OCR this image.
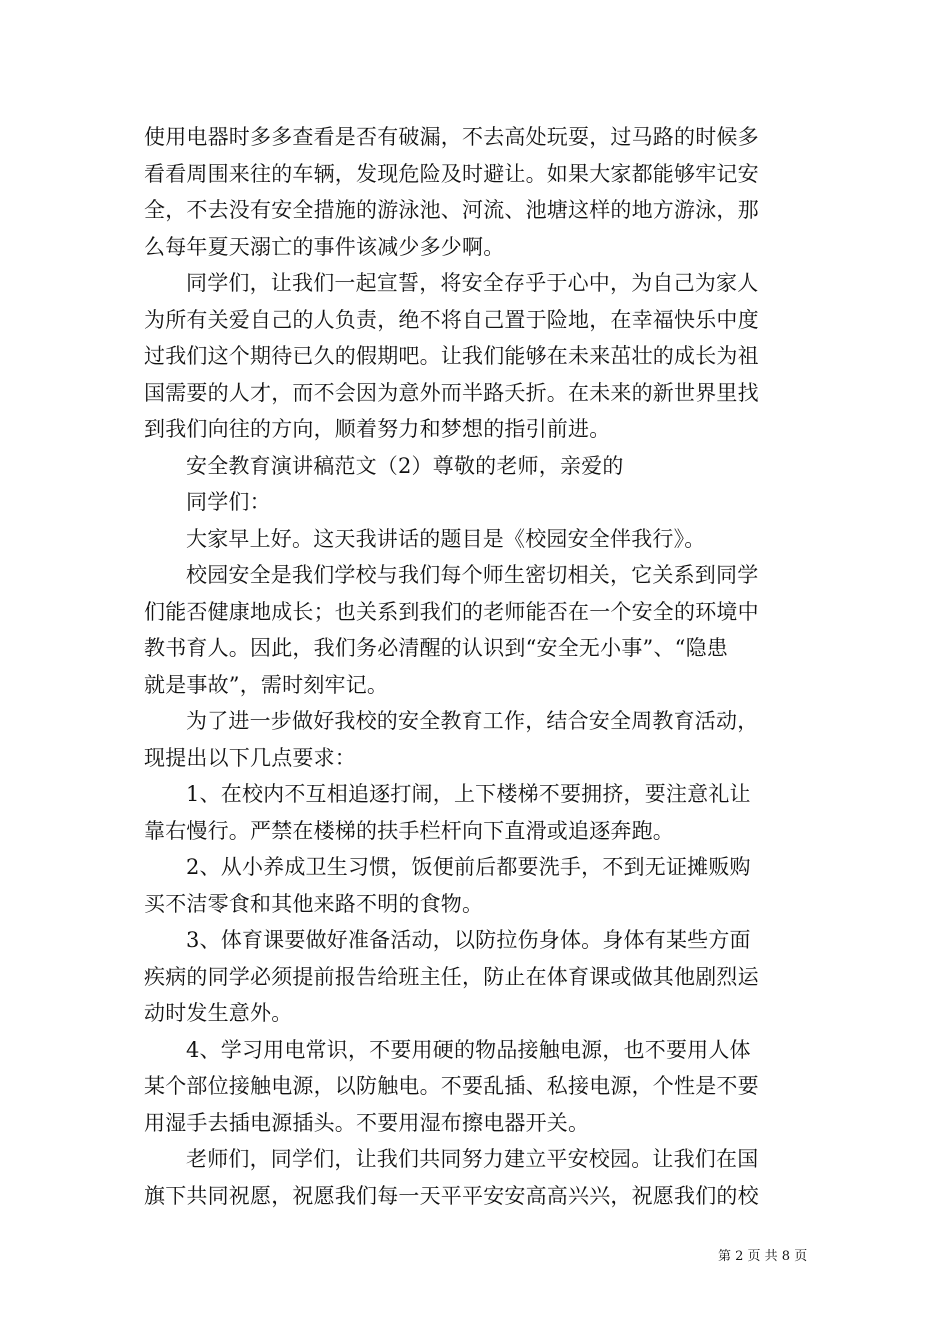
使用电器时多多查看是否有破漏，不去高处玩耍，过马路的时候多
看看周围来往的车辆，发现危险及时避让。如果大家都能够牢记安
全，不去没有安全措施的游泳池、河流、池塘这样的地方游泳，那
么每年夏天溺亡的事件该减少多少啊。
同学们，让我们一起宣誓，将安全存乎于心中，为自己为家人
为所有关爱自己的人负责，绝不将自己置于险地，在幸福快乐中度
过我们这个期待已久的假期吧。让我们能够在未来茁壮的成长为祖
国需要的人才，而不会因为意外而半路夭折。在未来的新世界里找
到我们向往的方向，顺着努力和梦想的指引前进。
安全教育演讲稿范文（2）尊敬的老师，亲爱的
同学们：
大家早上好。这天我讲话的题目是《校园安全伴我行》。
校园安全是我们学校与我们每个师生密切相关，它关系到同学
们能否健康地成长；也关系到我们的老师能否在一个安全的环境中
教书育人。因此，我们务必清醒的认识到“安全无小事”、“隐患
就是事故”，需时刻牢记。
为了进一步做好我校的安全教育工作，结合安全周教育活动，
现提出以下几点要求：
1、在校内不互相追逐打闹，上下楼梯不要拥挤，要注意礼让
靠右慢行。严禁在楼梯的扶手栏杆向下直滑或追逐奔跑。
2、从小养成卫生习惯，饭便前后都要洗手，不到无证摊贩购
买不洁零食和其他来路不明的食物。
3、体育课要做好准备活动，以防拉伤身体。身体有某些方面
疾病的同学必须提前报告给班主任，防止在体育课或做其他剧烈运
动时发生意外。
4、学习用电常识，不要用硬的物品接触电源，也不要用人体
某个部位接触电源，以防触电。不要乱插、私接电源，个性是不要
用湿手去插电源插头。不要用湿布擦电器开关。
老师们，同学们，让我们共同努力建立平安校园。让我们在国
旗下共同祝愿，祝愿我们每一天平平安安高高兴兴，祝愿我们的校
第 2 页 共 8 页
